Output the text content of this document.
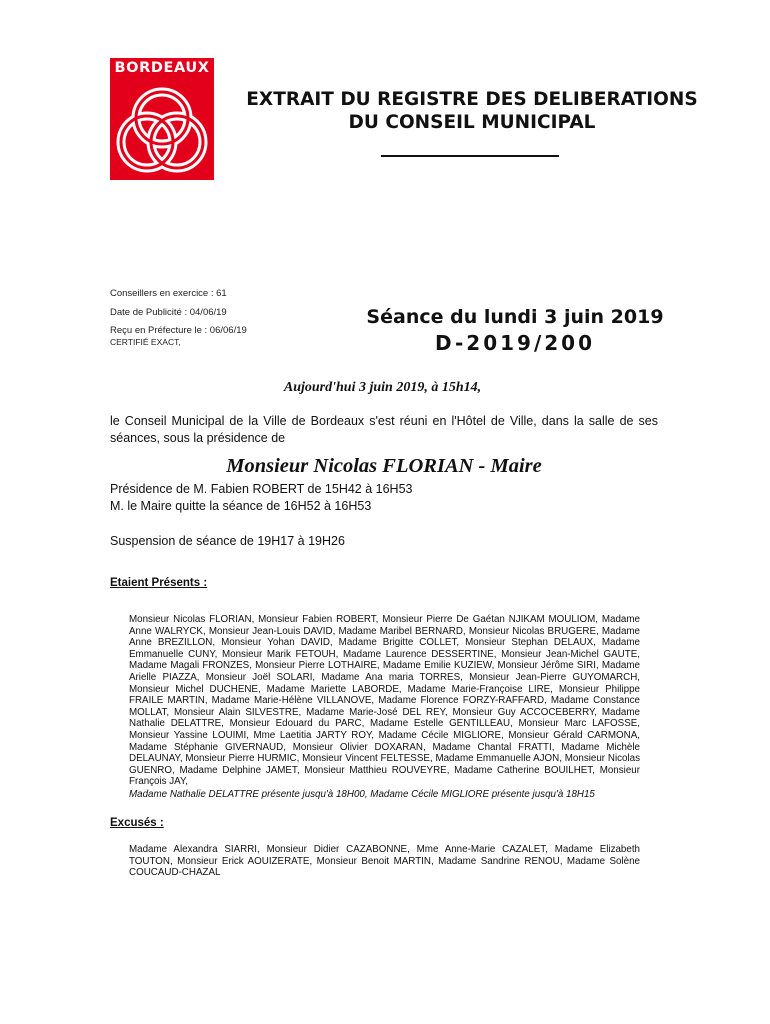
BORDEAUX
EXTRAIT DU REGISTRE DES DELIBERATIONS
DU CONSEIL MUNICIPAL
Conseillers en exercice : 61
Date de Publicité : 04/06/19
Reçu en Préfecture le : 06/06/19
CERTIFIÉ EXACT,
Séance du lundi 3 juin 2019
D-2019/200
Aujourd'hui 3 juin 2019, à 15h14,
le Conseil Municipal de la Ville de Bordeaux s'est réuni en l'Hôtel de Ville, dans la salle de ses séances, sous la présidence de
Monsieur Nicolas FLORIAN - Maire
Présidence de M. Fabien ROBERT de 15H42 à 16H53
M. le Maire quitte la séance de 16H52 à 16H53
Suspension de séance de 19H17 à 19H26
Etaient Présents :
Monsieur Nicolas FLORIAN, Monsieur Fabien ROBERT, Monsieur Pierre De Gaétan NJIKAM MOULIOM, Madame Anne WALRYCK, Monsieur Jean-Louis DAVID, Madame Maribel BERNARD, Monsieur Nicolas BRUGERE, Madame Anne BREZILLON, Monsieur Yohan DAVID, Madame Brigitte COLLET, Monsieur Stephan DELAUX, Madame Emmanuelle CUNY, Monsieur Marik FETOUH, Madame Laurence DESSERTINE, Monsieur Jean-Michel GAUTE, Madame Magali FRONZES, Monsieur Pierre LOTHAIRE, Madame Emilie KUZIEW, Monsieur Jérôme SIRI, Madame Arielle PIAZZA, Monsieur Joël SOLARI, Madame Ana maria TORRES, Monsieur Jean-Pierre GUYOMARCH, Monsieur Michel DUCHENE, Madame Mariette LABORDE, Madame Marie-Françoise LIRE, Monsieur Philippe FRAILE MARTIN, Madame Marie-Hélène VILLANOVE, Madame Florence FORZY-RAFFARD, Madame Constance MOLLAT, Monsieur Alain SILVESTRE, Madame Marie-José DEL REY, Monsieur Guy ACCOCEBERRY, Madame Nathalie DELATTRE, Monsieur Edouard du PARC, Madame Estelle GENTILLEAU, Monsieur Marc LAFOSSE, Monsieur Yassine LOUIMI, Mme Laetitia JARTY ROY, Madame Cécile MIGLIORE, Monsieur Gérald CARMONA, Madame Stéphanie GIVERNAUD, Monsieur Olivier DOXARAN, Madame Chantal FRATTI, Madame Michèle DELAUNAY, Monsieur Pierre HURMIC, Monsieur Vincent FELTESSE, Madame Emmanuelle AJON, Monsieur Nicolas GUENRO, Madame Delphine JAMET, Monsieur Matthieu ROUVEYRE, Madame Catherine BOUILHET, Monsieur François JAY,
Madame Nathalie DELATTRE présente jusqu'à 18H00, Madame Cécile MIGLIORE présente jusqu'à 18H15
Excusés :
Madame Alexandra SIARRI, Monsieur Didier CAZABONNE, Mme Anne-Marie CAZALET, Madame Elizabeth TOUTON, Monsieur Erick AOUIZERATE, Monsieur Benoit MARTIN, Madame Sandrine RENOU, Madame Solène COUCAUD-CHAZAL
